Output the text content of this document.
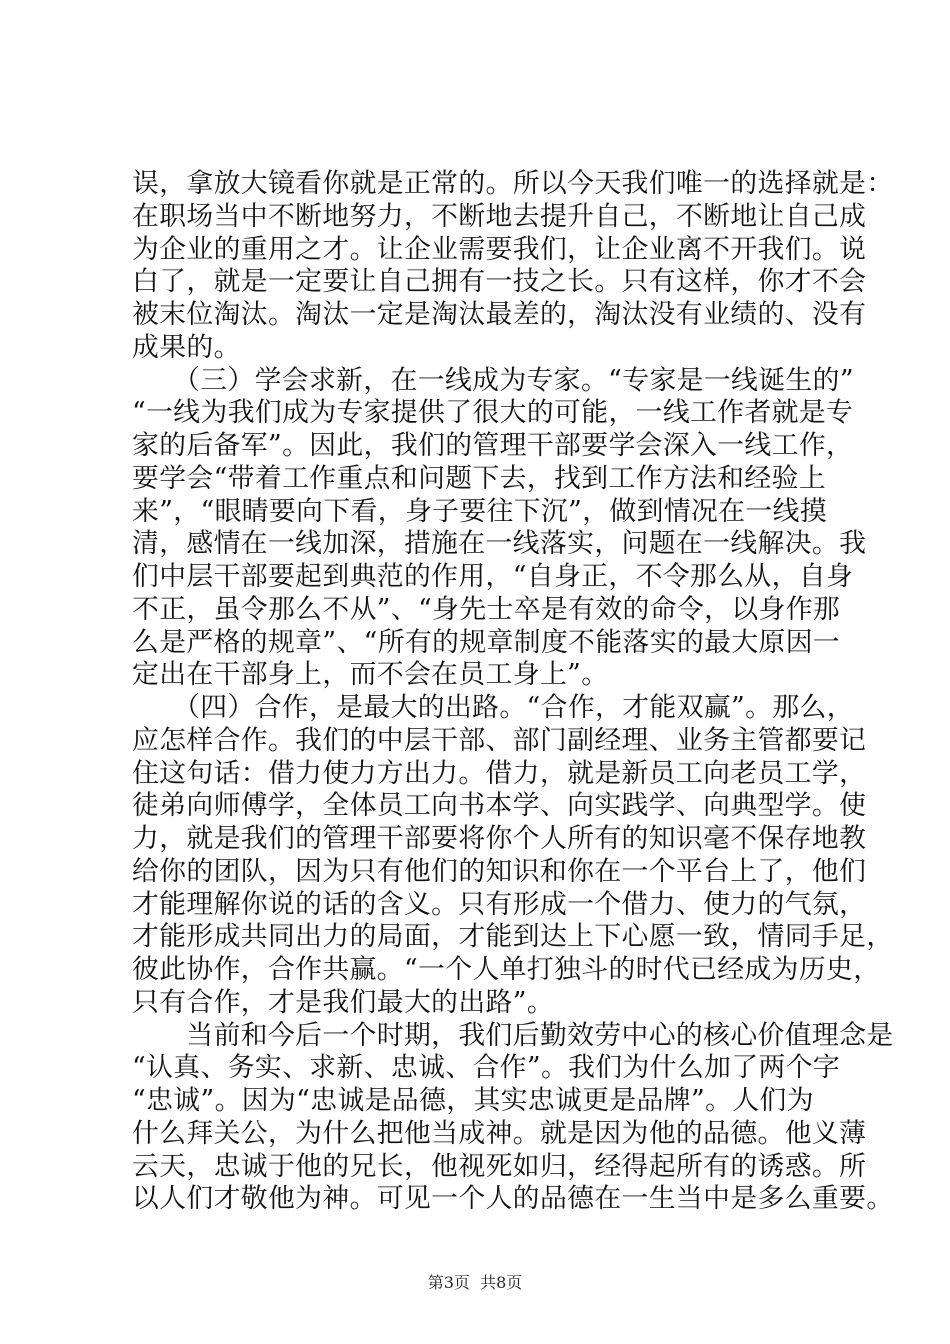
误，拿放大镜看你就是正常的。所以今天我们唯一的选择就是：
在职场当中不断地努力，不断地去提升自己，不断地让自己成
为企业的重用之才。让企业需要我们，让企业离不开我们。说
白了，就是一定要让自己拥有一技之长。只有这样，你才不会
被末位淘汰。淘汰一定是淘汰最差的，淘汰没有业绩的、没有
成果的。
　　（三）学会求新，在一线成为专家。“专家是一线诞生的”
“一线为我们成为专家提供了很大的可能，一线工作者就是专
家的后备军”。因此，我们的管理干部要学会深入一线工作，
要学会“带着工作重点和问题下去，找到工作方法和经验上
来”，“眼睛要向下看，身子要往下沉”，做到情况在一线摸
清，感情在一线加深，措施在一线落实，问题在一线解决。我
们中层干部要起到典范的作用，“自身正，不令那么从，自身
不正，虽令那么不从”、“身先士卒是有效的命令，以身作那
么是严格的规章”、“所有的规章制度不能落实的最大原因一
定出在干部身上，而不会在员工身上”。
　　（四）合作，是最大的出路。“合作，才能双赢”。那么，
应怎样合作。我们的中层干部、部门副经理、业务主管都要记
住这句话：借力使力方出力。借力，就是新员工向老员工学，
徒弟向师傅学，全体员工向书本学、向实践学、向典型学。使
力，就是我们的管理干部要将你个人所有的知识毫不保存地教
给你的团队，因为只有他们的知识和你在一个平台上了，他们
才能理解你说的话的含义。只有形成一个借力、使力的气氛，
才能形成共同出力的局面，才能到达上下心愿一致，情同手足，
彼此协作，合作共赢。“一个人单打独斗的时代已经成为历史，
只有合作，才是我们最大的出路”。
　　当前和今后一个时期，我们后勤效劳中心的核心价值理念是
“认真、务实、求新、忠诚、合作”。我们为什么加了两个字
“忠诚”。因为“忠诚是品德，其实忠诚更是品牌”。人们为
什么拜关公，为什么把他当成神。就是因为他的品德。他义薄
云天，忠诚于他的兄长，他视死如归，经得起所有的诱惑。所
以人们才敬他为神。可见一个人的品德在一生当中是多么重要。
第3页  共8页
